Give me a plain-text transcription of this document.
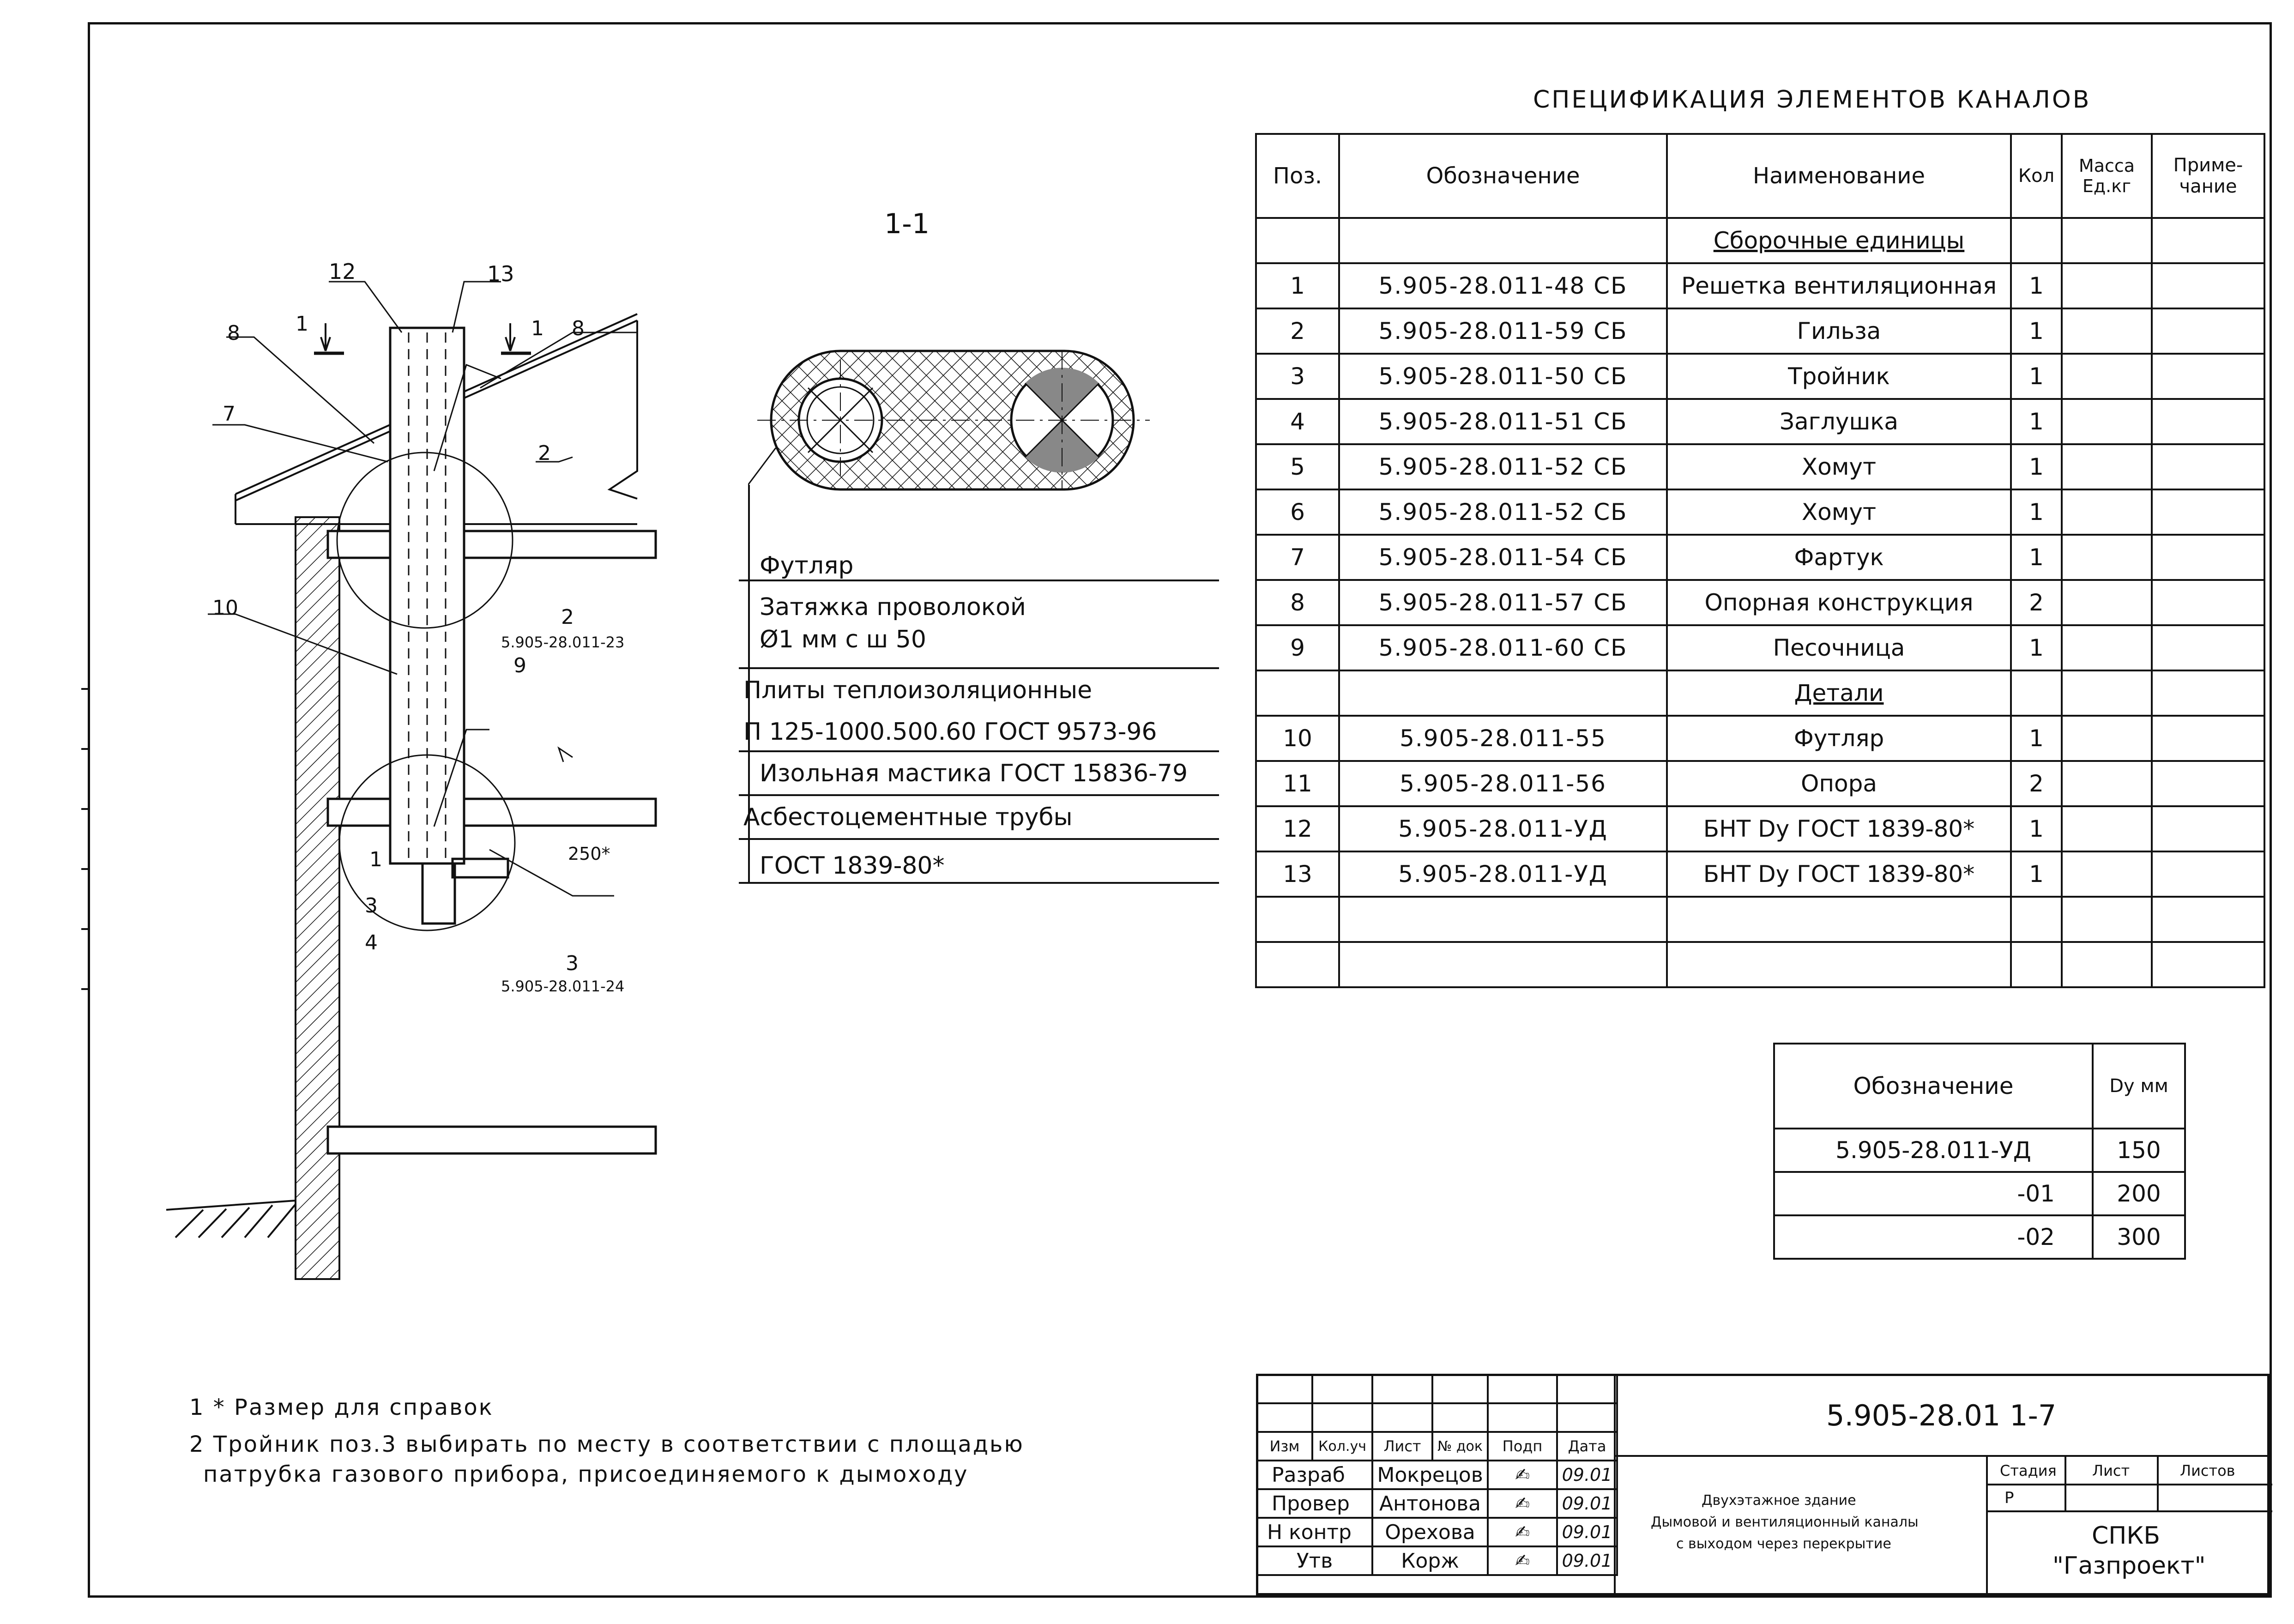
1-1
12	13
1	1
8	8
7
2
10	2
5.905-28.011-23
9
250*
1
3
4
3
5.905-28.011-24
Футляр
Затяжка проволокой
Ø1 мм с ш 50
Плиты теплоизоляционные
П 125-1000.500.60 ГОСТ 9573-96
Изольная мастика ГОСТ 15836-79
Асбестоцементные трубы
ГОСТ 1839-80*
СПЕЦИФИКАЦИЯ ЭЛЕМЕНТОВ КАНАЛОВ
Поз.	Обозначение	Наименование	Кол	Масса Ед.кг	Приме- чание
		Сборочные единицы			
1	5.905-28.011-48 СБ	Решетка вентиляционная	1		
2	5.905-28.011-59 СБ	Гильза	1		
3	5.905-28.011-50 СБ	Тройник	1		
4	5.905-28.011-51 СБ	Заглушка	1		
5	5.905-28.011-52 СБ	Хомут	1		
6	5.905-28.011-52 СБ	Хомут	1		
7	5.905-28.011-54 СБ	Фартук	1		
8	5.905-28.011-57 СБ	Опорная конструкция	2		
9	5.905-28.011-60 СБ	Песочница	1		
		Детали			
10	5.905-28.011-55	Футляр	1		
11	5.905-28.011-56	Опора	2		
12	5.905-28.011-УД	БНТ Dy ГОСТ 1839-80*	1		
13	5.905-28.011-УД	БНТ Dy ГОСТ 1839-80*	1		

Обозначение	Dy мм
5.905-28.011-УД	150
-01	200
-02	300
1 * Размер для справок
2 Тройник поз.3 выбирать по месту в соответствии с площадью
патрубка газового прибора, присоединяемого к дымоходу

Изм	Кол.уч	Лист	№ док	Подп	Дата
Разраб		Мокрецов		✍	09.01
Провер		Антонова		✍	09.01
Н контр		Орехова		✍	09.01
Утв		Корж		✍	09.01
5.905-28.01 1-7
Двухэтажное здание
Дымовой и вентиляционный каналы
с выходом через перекрытие
Стадия Лист	Листов
Р
СПКБ
"Газпроект"
